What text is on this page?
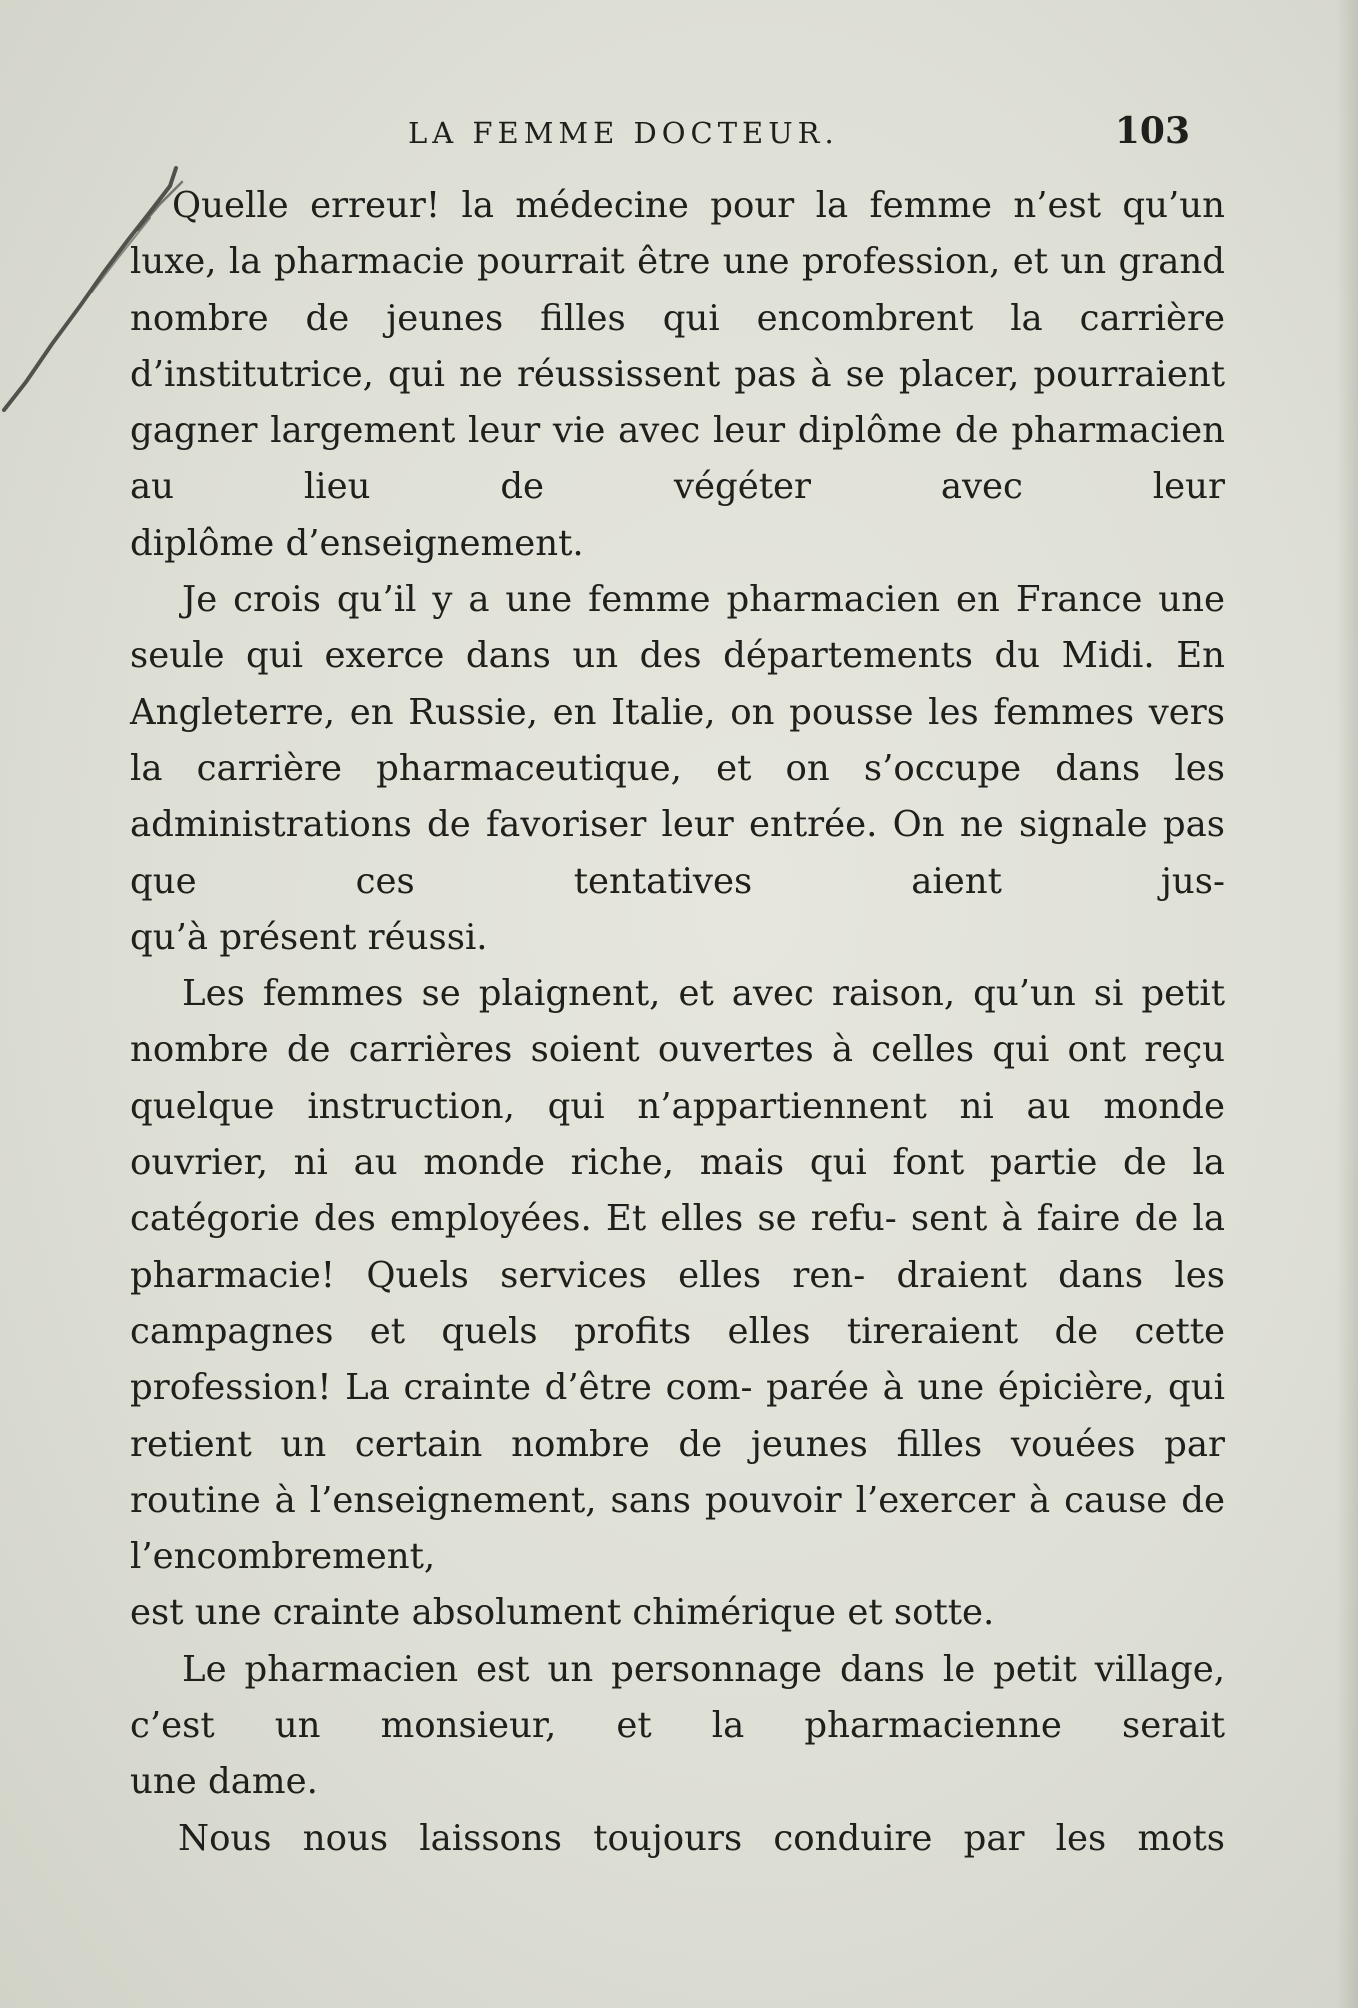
LA FEMME DOCTEUR.	103

Quelle erreur! la médecine pour la femme n’est qu’un luxe, la pharmacie pourrait être une profession, et un grand nombre de jeunes filles qui encombrent la carrière d’institutrice, qui ne réussissent pas à se placer, pourraient gagner largement leur vie avec leur diplôme de pharmacien au lieu de végéter avec leur
diplôme d’enseignement.

Je crois qu’il y a une femme pharmacien en France une seule qui exerce dans un des départements du Midi. En Angleterre, en Russie, en Italie, on pousse les femmes vers la carrière pharmaceutique, et on s’occupe dans les administrations de favoriser leur entrée. On ne signale pas que ces tentatives aient jus-
qu’à présent réussi.

Les femmes se plaignent, et avec raison, qu’un si petit nombre de carrières soient ouvertes à celles qui ont reçu quelque instruction, qui n’appartiennent ni au monde ouvrier, ni au monde riche, mais qui font partie de la catégorie des employées. Et elles se refu- sent à faire de la pharmacie! Quels services elles ren- draient dans les campagnes et quels profits elles tireraient de cette profession! La crainte d’être com- parée à une épicière, qui retient un certain nombre de jeunes filles vouées par routine à l’enseignement, sans pouvoir l’exercer à cause de l’encombrement,
est une crainte absolument chimérique et sotte.

Le pharmacien est un personnage dans le petit village, c’est un monsieur, et la pharmacienne serait
une dame.

Nous nous laissons toujours conduire par les mots
